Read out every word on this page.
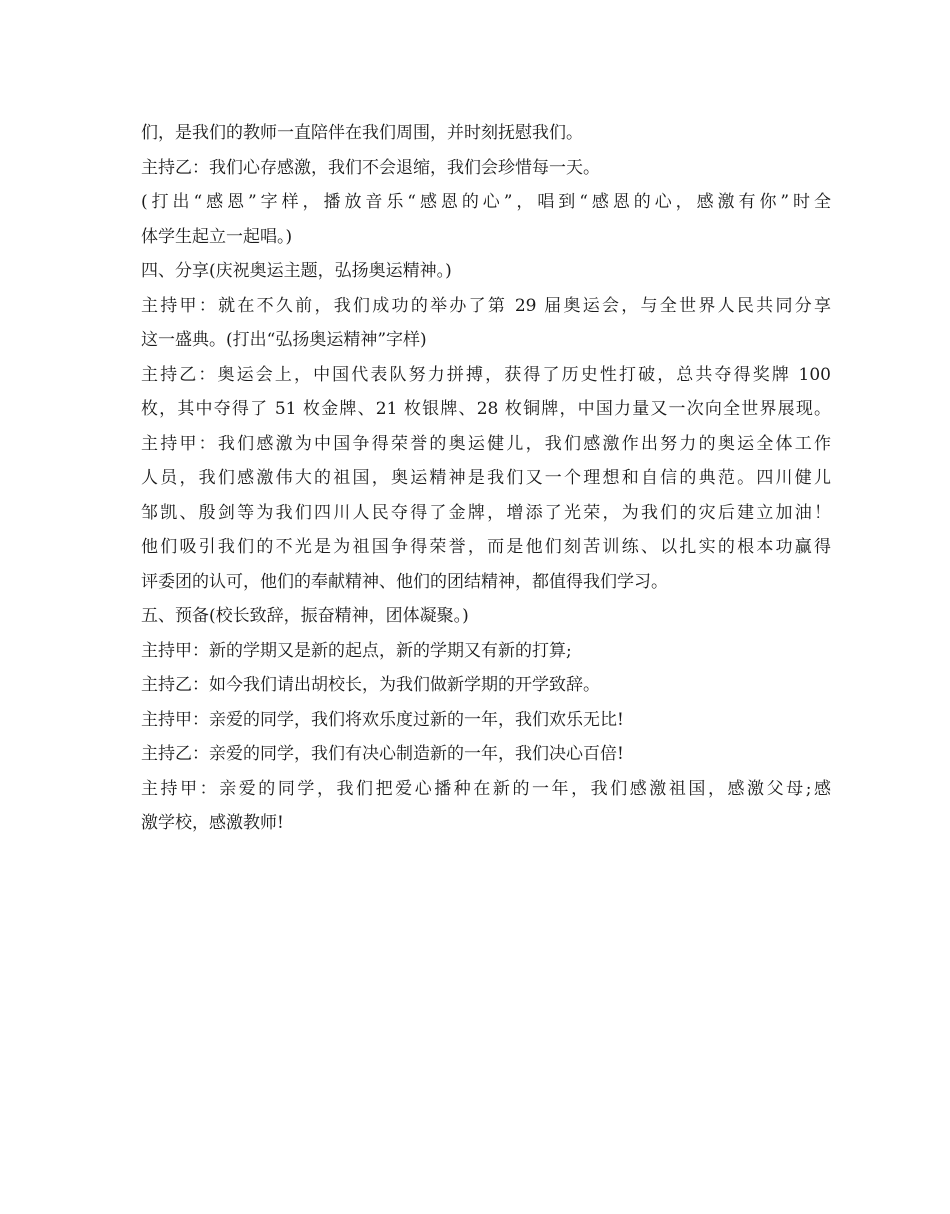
们，是我们的教师一直陪伴在我们周围，并时刻抚慰我们。
主持乙：我们心存感激，我们不会退缩，我们会珍惜每一天。
(打出“感恩”字样，播放音乐“感恩的心”，唱到“感恩的心，感激有你”时全
体学生起立一起唱。)
四、分享(庆祝奥运主题，弘扬奥运精神。)
主持甲：就在不久前，我们成功的举办了第 29 届奥运会，与全世界人民共同分享
这一盛典。(打出“弘扬奥运精神”字样)
主持乙：奥运会上，中国代表队努力拼搏，获得了历史性打破，总共夺得奖牌 100
枚，其中夺得了 51 枚金牌、21 枚银牌、28 枚铜牌，中国力量又一次向全世界展现。
主持甲：我们感激为中国争得荣誉的奥运健儿，我们感激作出努力的奥运全体工作
人员，我们感激伟大的祖国，奥运精神是我们又一个理想和自信的典范。四川健儿
邹凯、殷剑等为我们四川人民夺得了金牌，增添了光荣，为我们的灾后建立加油！
他们吸引我们的不光是为祖国争得荣誉，而是他们刻苦训练、以扎实的根本功赢得
评委团的认可，他们的奉献精神、他们的团结精神，都值得我们学习。
五、预备(校长致辞，振奋精神，团体凝聚。)
主持甲：新的学期又是新的起点，新的学期又有新的打算;
主持乙：如今我们请出胡校长，为我们做新学期的开学致辞。
主持甲：亲爱的同学，我们将欢乐度过新的一年，我们欢乐无比!
主持乙：亲爱的同学，我们有决心制造新的一年，我们决心百倍!
主持甲：亲爱的同学，我们把爱心播种在新的一年，我们感激祖国，感激父母;感
激学校，感激教师!
